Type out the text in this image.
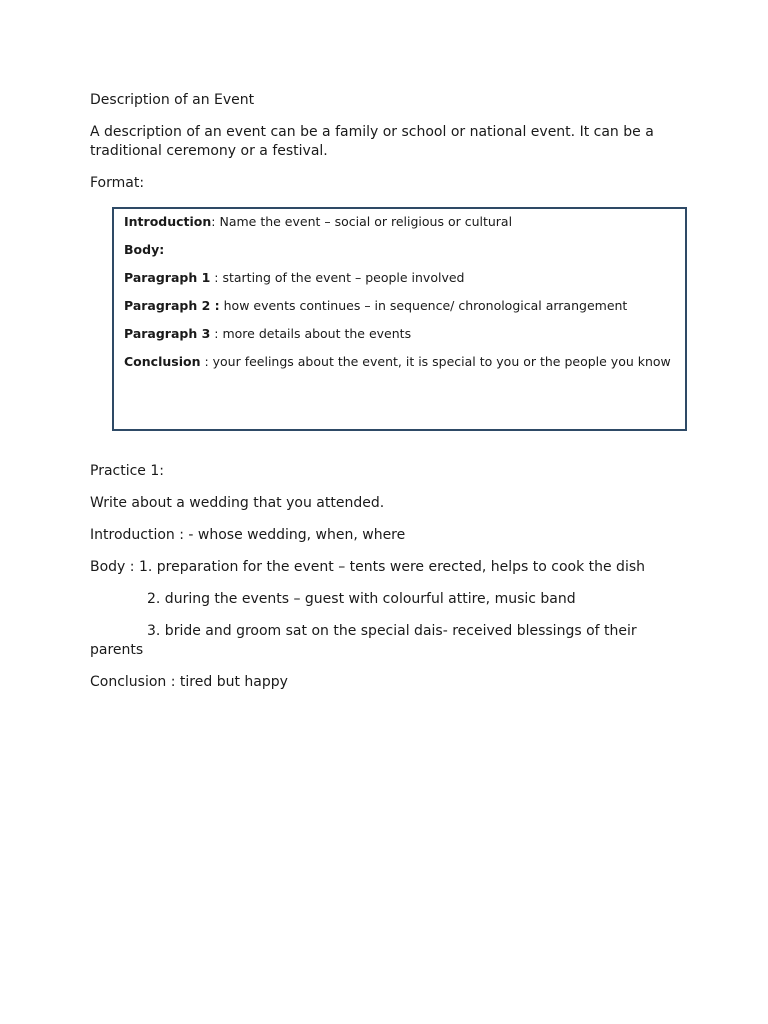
Description of an Event
A description of an event can be a family or school or national event. It can be a
traditional ceremony or a festival.
Format:
Introduction: Name the event – social or religious or cultural
Body:
Paragraph 1 : starting of the event – people involved
Paragraph 2 : how events continues – in sequence/ chronological arrangement
Paragraph 3 : more details about the events
Conclusion : your feelings about the event, it is special to you or the people you know
Practice 1:
Write about a wedding that you attended.
Introduction : - whose wedding, when, where
Body : 1. preparation for the event – tents were erected, helps to cook the dish
2. during the events – guest with colourful attire, music band
3. bride and groom sat on the special dais- received blessings of their
parents
Conclusion : tired but happy
